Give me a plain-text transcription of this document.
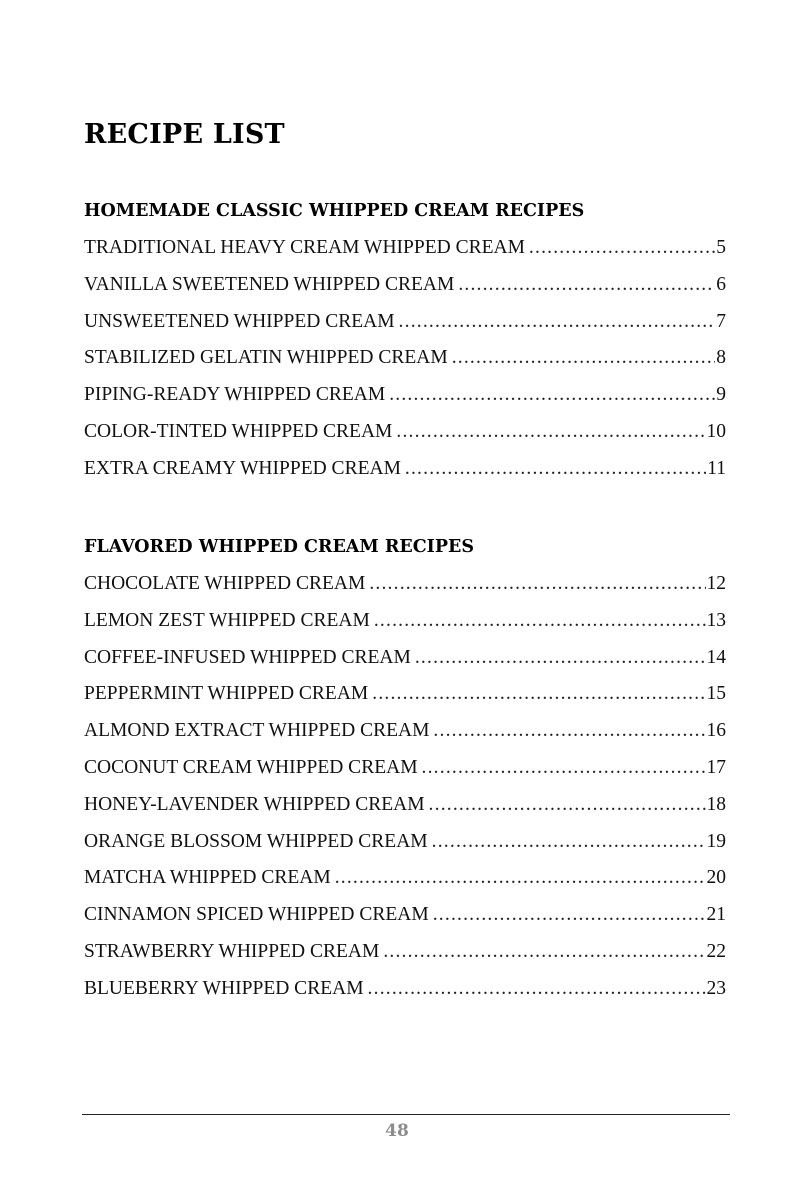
RECIPE LIST
HOMEMADE CLASSIC WHIPPED CREAM RECIPES
TRADITIONAL HEAVY CREAM WHIPPED CREAM .....	5
VANILLA SWEETENED WHIPPED CREAM .....	6
UNSWEETENED WHIPPED CREAM .....	7
STABILIZED GELATIN WHIPPED CREAM .....	8
PIPING-READY WHIPPED CREAM .....	9
COLOR-TINTED WHIPPED CREAM .....	10
EXTRA CREAMY WHIPPED CREAM .....	11
FLAVORED WHIPPED CREAM RECIPES
CHOCOLATE WHIPPED CREAM .....	12
LEMON ZEST WHIPPED CREAM .....	13
COFFEE-INFUSED WHIPPED CREAM .....	14
PEPPERMINT WHIPPED CREAM .....	15
ALMOND EXTRACT WHIPPED CREAM .....	16
COCONUT CREAM WHIPPED CREAM .....	17
HONEY-LAVENDER WHIPPED CREAM .....	18
ORANGE BLOSSOM WHIPPED CREAM .....	19
MATCHA WHIPPED CREAM .....	20
CINNAMON SPICED WHIPPED CREAM .....	21
STRAWBERRY WHIPPED CREAM .....	22
BLUEBERRY WHIPPED CREAM .....	23
48
